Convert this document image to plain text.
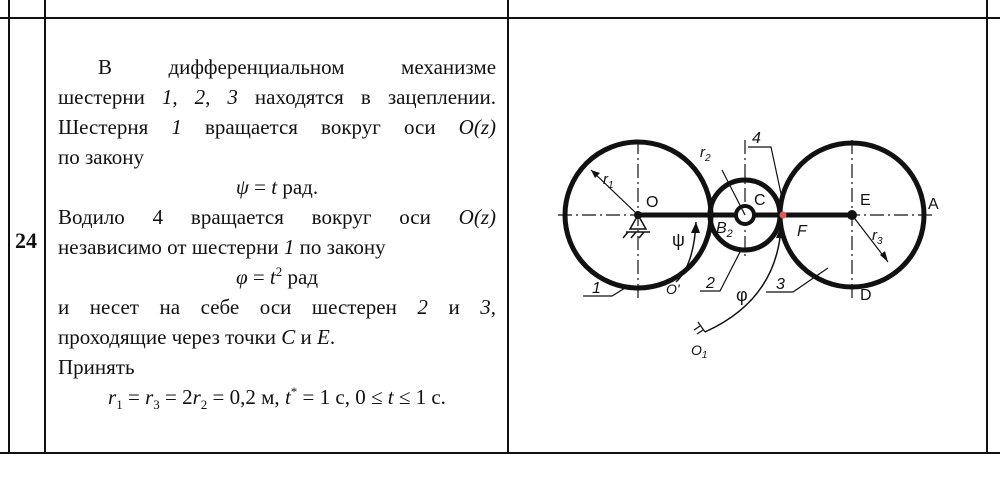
24

В	дифференциальном	механизме

шестерни 1, 2, 3 находятся в зацеплении.

Шестерня 1 вращается вокруг оси O(z)

по закону

ψ = t рад.

Водило 4 вращается вокруг оси O(z)

независимо от шестерни 1 по закону

$\varphi = t^2$ рад

и несет на себе оси шестерен 2 и 3,

проходящие через точки C и E.

Принять

$r_1 = r_3 = 2r_2 = 0,2$ м, t* = 1 с, 0 ≤ t ≤ 1 с.

O	C	E	A
D
F
$B_2$
$r_1$
$r_2$
$r_3$
ψ
φ
O'
$O_1$
1	2	3
4
